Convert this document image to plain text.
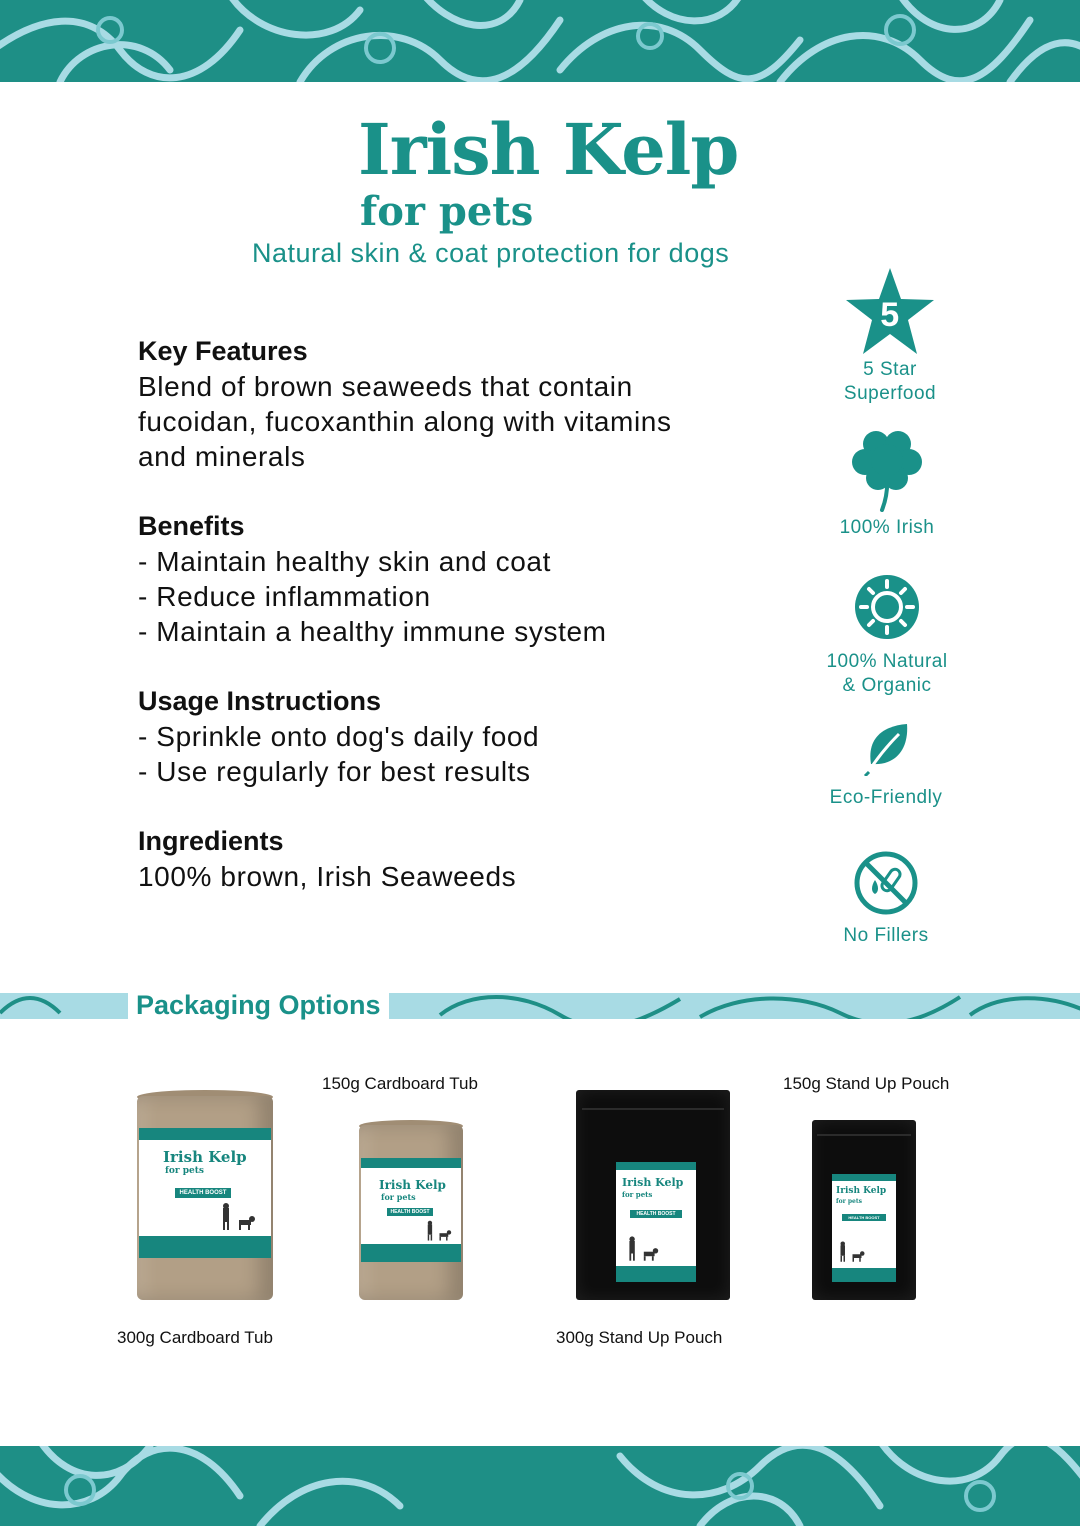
Irish Kelp
for pets
Natural skin & coat protection for dogs
Key Features

Blend of brown seaweeds that contain

fucoidan, fucoxanthin along with vitamins

and minerals

Benefits
- Maintain healthy skin and coat
- Reduce inflammation
- Maintain a healthy immune system
Usage Instructions
- Sprinkle onto dog's daily food
- Use regularly for best results
Ingredients

100% brown, Irish Seaweeds

5
5 Star
Superfood
100% Irish
100% Natural
& Organic
Eco-Friendly
No Fillers
Packaging Options
150g Cardboard Tub
300g Cardboard Tub
150g Stand Up Pouch
300g Stand Up Pouch
Irish Kelp
for pets
HEALTH BOOST
Irish Kelp
for pets
HEALTH BOOST
Irish Kelp
for pets
HEALTH BOOST
Irish Kelp
for pets
HEALTH BOOST
